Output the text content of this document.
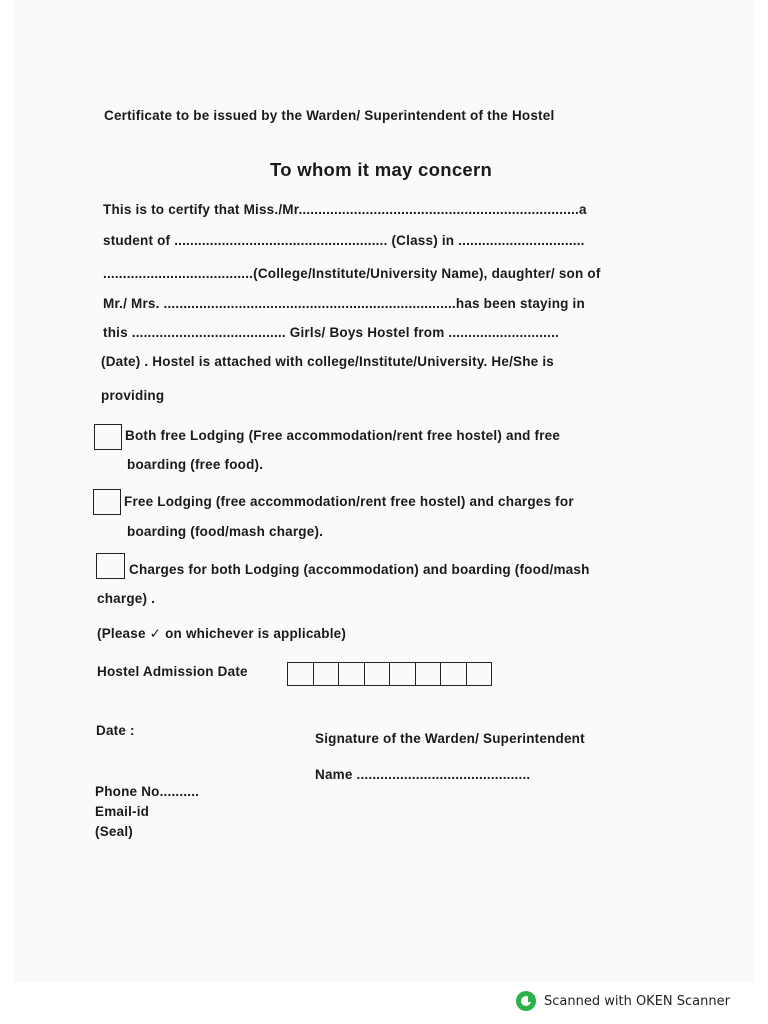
Certificate to be issued by the Warden/ Superintendent of the Hostel
To whom it may concern
This is to certify that Miss./Mr.......................................................................a
student of ...................................................... (Class) in ................................
......................................(College/Institute/University Name), daughter/ son of
Mr./ Mrs. ..........................................................................has been staying in
this ....................................... Girls/ Boys Hostel from ............................
(Date) . Hostel is attached with college/Institute/University. He/She is
providing
Both free Lodging (Free accommodation/rent free hostel) and free
boarding (free food).
Free Lodging (free accommodation/rent free hostel) and charges for
boarding (food/mash charge).
Charges for both Lodging (accommodation) and boarding (food/mash
charge) .
(Please ✓ on whichever is applicable)
Hostel Admission Date
Date :
Signature of the Warden/ Superintendent
Name ............................................
Phone No..........
Email-id
(Seal)
Scanned with OKEN Scanner
